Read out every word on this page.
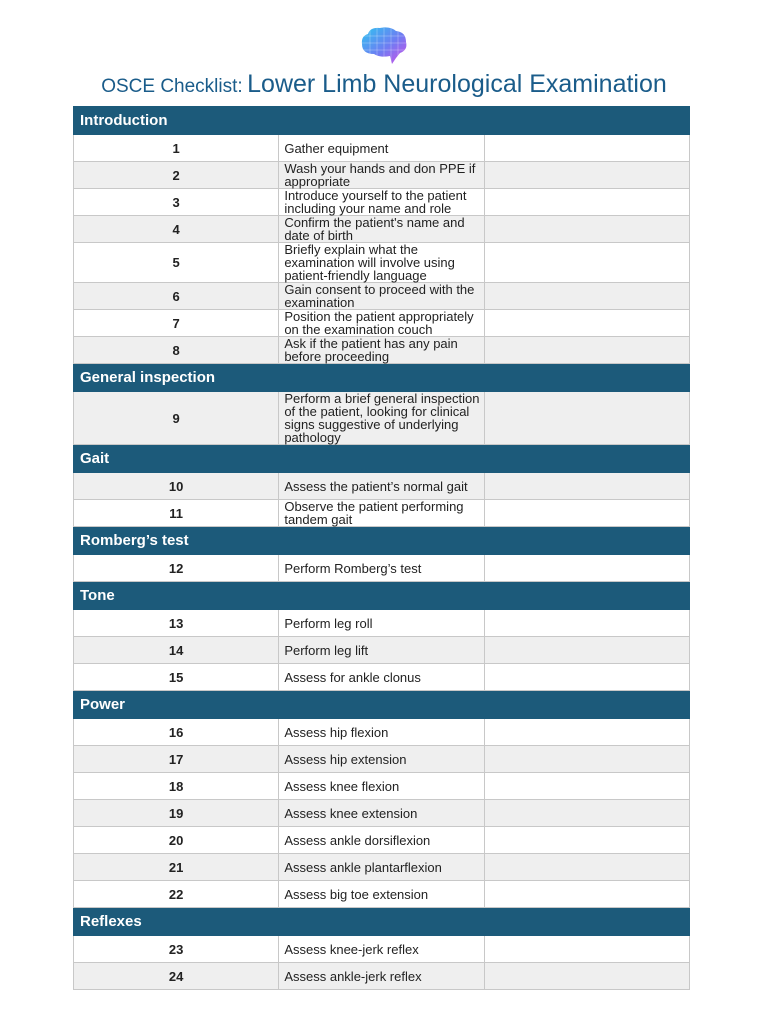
OSCE Checklist: Lower Limb Neurological Examination
Introduction		
1	Gather equipment	
2	Wash your hands and don PPE if appropriate	
3	Introduce yourself to the patient including your name and role	
4	Confirm the patient's name and date of birth	
5	Briefly explain what the examination will involve using patient-friendly language	
6	Gain consent to proceed with the examination	
7	Position the patient appropriately on the examination couch	
8	Ask if the patient has any pain before proceeding	
General inspection		
9	Perform a brief general inspection of the patient, looking for clinical signs suggestive of underlying pathology	
Gait		
10	Assess the patient’s normal gait	
11	Observe the patient performing tandem gait	
Romberg’s test		
12	Perform Romberg’s test	
Tone		
13	Perform leg roll	
14	Perform leg lift	
15	Assess for ankle clonus	
Power		
16	Assess hip flexion	
17	Assess hip extension	
18	Assess knee flexion	
19	Assess knee extension	
20	Assess ankle dorsiflexion	
21	Assess ankle plantarflexion	
22	Assess big toe extension	
Reflexes		
23	Assess knee-jerk reflex	
24	Assess ankle-jerk reflex	
